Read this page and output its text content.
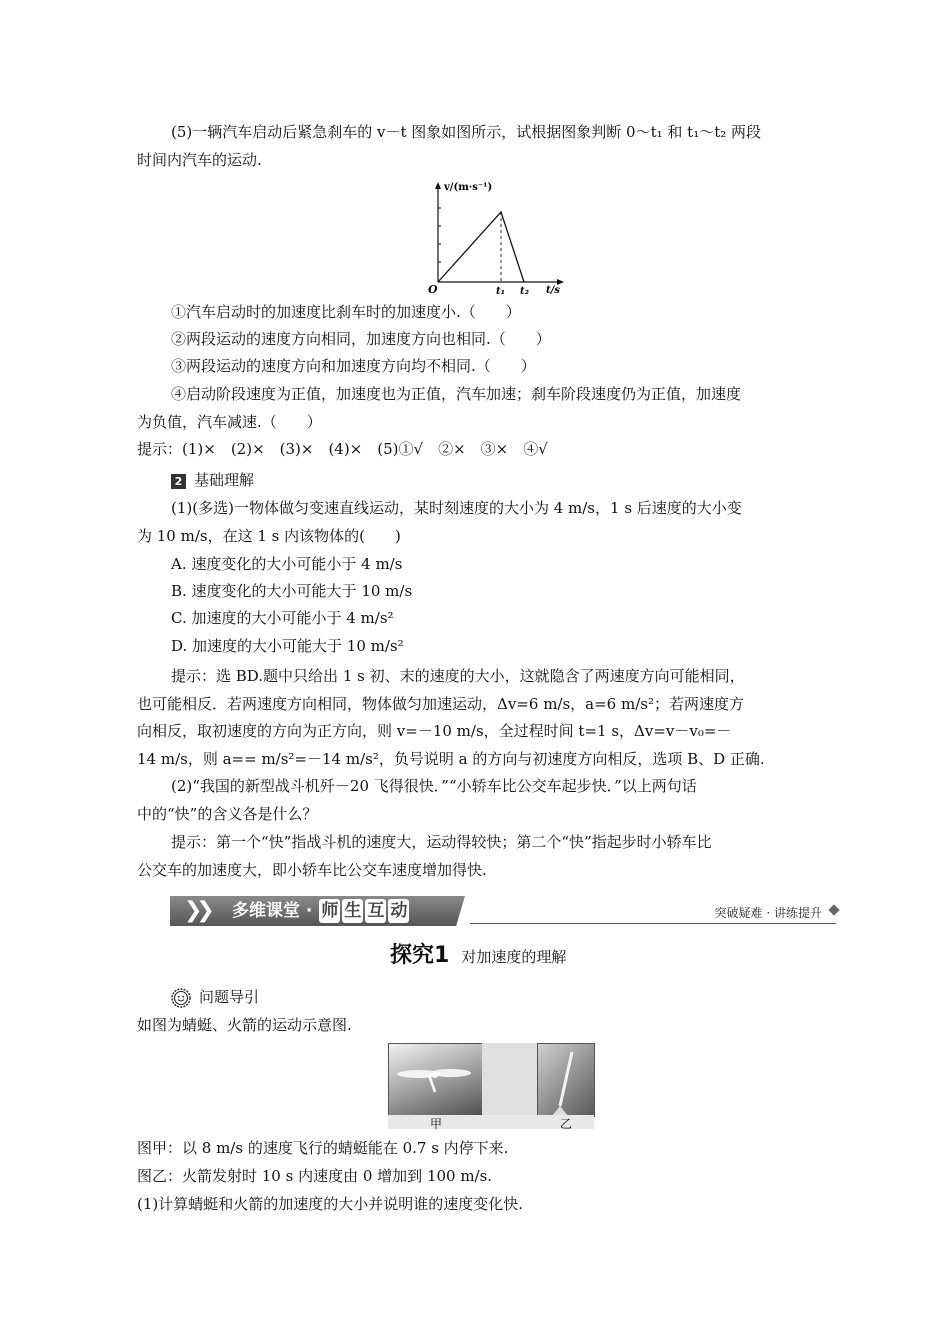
(5)一辆汽车启动后紧急刹车的 v－t 图象如图所示，试根据图象判断 0～t₁ 和 t₁～t₂ 两段
时间内汽车的运动.
v/(m·s⁻¹)
t/s
O	t₁ t₂
①汽车启动时的加速度比刹车时的加速度小.（　　）
②两段运动的速度方向相同，加速度方向也相同.（　　）
③两段运动的速度方向和加速度方向均不相同.（　　）
④启动阶段速度为正值，加速度也为正值，汽车加速；刹车阶段速度仍为正值，加速度
为负值，汽车减速.（　　）
提示：(1)×　(2)×　(3)×　(4)×　(5)①√　②×　③×　④√
2 基础理解
(1)(多选)一物体做匀变速直线运动，某时刻速度的大小为 4 m/s，1 s 后速度的大小变
为 10 m/s，在这 1 s 内该物体的(　　)
A. 速度变化的大小可能小于 4 m/s
B. 速度变化的大小可能大于 10 m/s
C. 加速度的大小可能小于 4 m/s²
D. 加速度的大小可能大于 10 m/s²
提示：选 BD.题中只给出 1 s 初、末的速度的大小，这就隐含了两速度方向可能相同，
也可能相反．若两速度方向相同，物体做匀加速运动，Δv=6 m/s，a=6 m/s²；若两速度方
向相反，取初速度的方向为正方向，则 v=－10 m/s，全过程时间 t=1 s，Δv=v－v₀=－
14 m/s，则 a== m/s²=－14 m/s²，负号说明 a 的方向与初速度方向相反，选项 B、D 正确.
(2)“我国的新型战斗机歼－20 飞得很快．”“小轿车比公交车起步快．”以上两句话
中的“快”的含义各是什么？
提示：第一个“快”指战斗机的速度大，运动得较快；第二个“快”指起步时小轿车比
公交车的加速度大，即小轿车比公交车速度增加得快.
❯❯ 多维课堂 · 师 生 互 动	突破疑难 · 讲练提升
探究1 对加速度的理解
问题导引
如图为蜻蜓、火箭的运动示意图.
甲	乙
图甲：以 8 m/s 的速度飞行的蜻蜓能在 0.7 s 内停下来.
图乙：火箭发射时 10 s 内速度由 0 增加到 100 m/s.
(1)计算蜻蜓和火箭的加速度的大小并说明谁的速度变化快.
